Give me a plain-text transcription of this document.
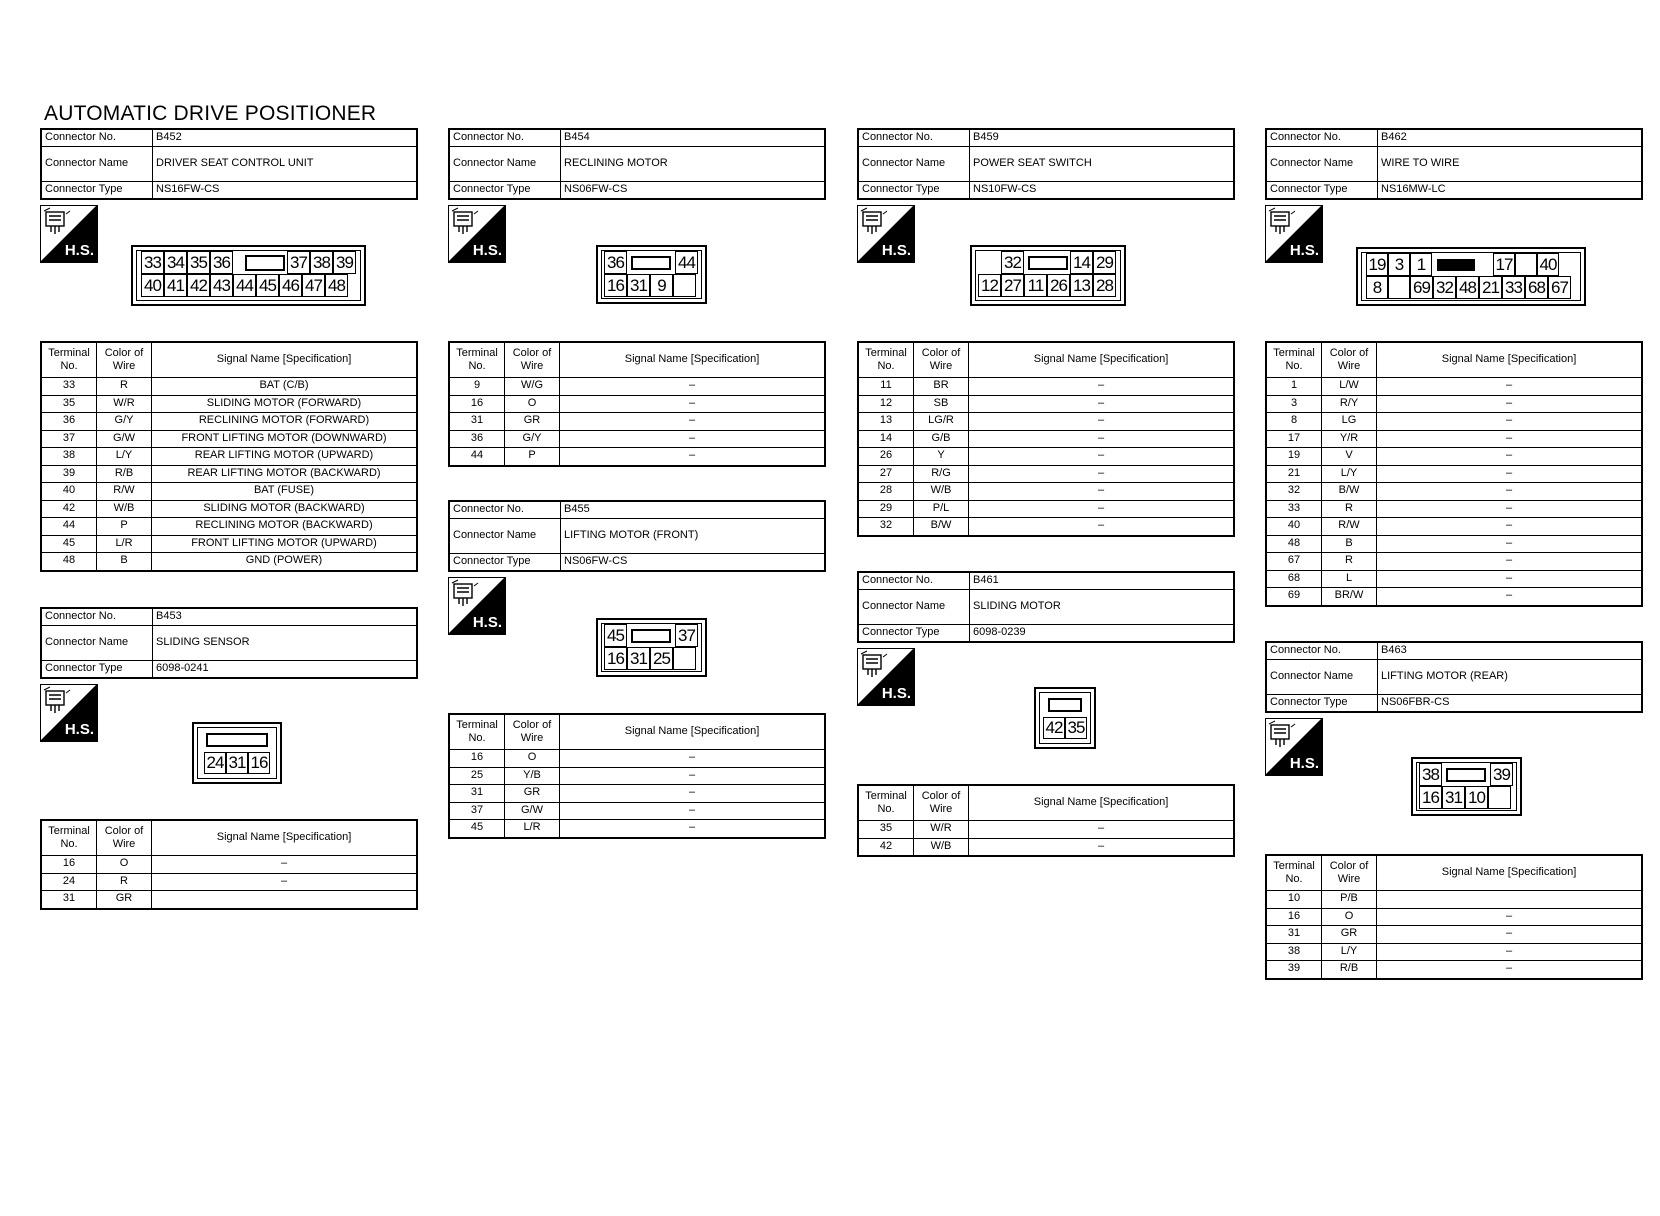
AUTOMATIC DRIVE POSITIONER
Connector No.	B452
Connector Name	DRIVER SEAT CONTROL UNIT
Connector Type	NS16FW-CS
H.S.
33 34 35 36	37 38 39
40 41 42 43 44 45 46 47 48
Terminal No.	Color of Wire	Signal Name [Specification]
33	R	BAT (C/B)
35	W/R	SLIDING MOTOR (FORWARD)
36	G/Y	RECLINING MOTOR (FORWARD)
37	G/W	FRONT LIFTING MOTOR (DOWNWARD)
38	L/Y	REAR LIFTING MOTOR (UPWARD)
39	R/B	REAR LIFTING MOTOR (BACKWARD)
40	R/W	BAT (FUSE)
42	W/B	SLIDING MOTOR (BACKWARD)
44	P	RECLINING MOTOR (BACKWARD)
45	L/R	FRONT LIFTING MOTOR (UPWARD)
48	B	GND (POWER)
Connector No.	B453
Connector Name	SLIDING SENSOR
Connector Type	6098-0241
H.S.
24 31 16
Terminal No.	Color of Wire	Signal Name [Specification]
16	O	–
24	R	–
31	GR	
Connector No.	B454
Connector Name	RECLINING MOTOR
Connector Type	NS06FW-CS
H.S.
36	44
16 31 9
Terminal No.	Color of Wire	Signal Name [Specification]
9	W/G	–
16	O	–
31	GR	–
36	G/Y	–
44	P	–
Connector No.	B455
Connector Name	LIFTING MOTOR (FRONT)
Connector Type	NS06FW-CS
H.S.
45	37
16 31 25
Terminal No.	Color of Wire	Signal Name [Specification]
16	O	–
25	Y/B	–
31	GR	–
37	G/W	–
45	L/R	–
Connector No.	B459
Connector Name	POWER SEAT SWITCH
Connector Type	NS10FW-CS
H.S.
32	14 29
12 27 11 26 13 28
Terminal No.	Color of Wire	Signal Name [Specification]
11	BR	–
12	SB	–
13	LG/R	–
14	G/B	–
26	Y	–
27	R/G	–
28	W/B	–
29	P/L	–
32	B/W	–
Connector No.	B461
Connector Name	SLIDING MOTOR
Connector Type	6098-0239
H.S.
42 35
Terminal No.	Color of Wire	Signal Name [Specification]
35	W/R	–
42	W/B	–
Connector No.	B462
Connector Name	WIRE TO WIRE
Connector Type	NS16MW-LC
H.S.
19 3 1	17 40
8	69 32 48 21 33 68 67
Terminal No.	Color of Wire	Signal Name [Specification]
1	L/W	–
3	R/Y	–
8	LG	–
17	Y/R	–
19	V	–
21	L/Y	–
32	B/W	–
33	R	–
40	R/W	–
48	B	–
67	R	–
68	L	–
69	BR/W	–
Connector No.	B463
Connector Name	LIFTING MOTOR (REAR)
Connector Type	NS06FBR-CS
H.S.
38	39
16 31 10
Terminal No.	Color of Wire	Signal Name [Specification]
10	P/B	
16	O	–
31	GR	–
38	L/Y	–
39	R/B	–
